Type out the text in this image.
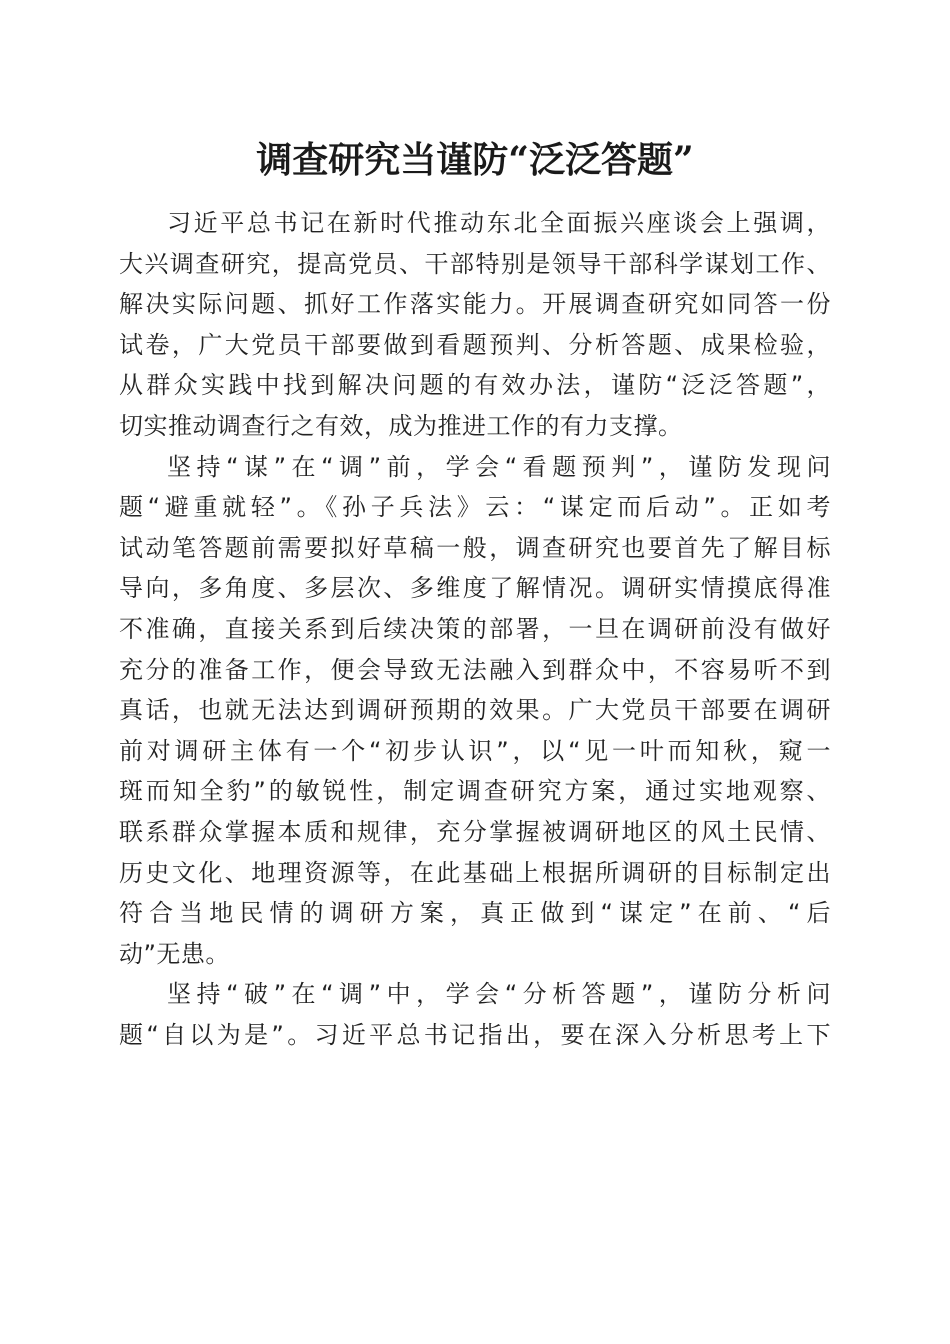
调查研究当谨防“泛泛答题”
习近平总书记在新时代推动东北全面振兴座谈会上强调，
大兴调查研究，提高党员、干部特别是领导干部科学谋划工作、
解决实际问题、抓好工作落实能力。开展调查研究如同答一份
试卷，广大党员干部要做到看题预判、分析答题、成果检验，
从群众实践中找到解决问题的有效办法，谨防“泛泛答题”，
切实推动调查行之有效，成为推进工作的有力支撑。
坚持“谋”在“调”前，学会“看题预判”，谨防发现问
题“避重就轻”。《孙子兵法》云：“谋定而后动”。正如考
试动笔答题前需要拟好草稿一般，调查研究也要首先了解目标
导向，多角度、多层次、多维度了解情况。调研实情摸底得准
不准确，直接关系到后续决策的部署，一旦在调研前没有做好
充分的准备工作，便会导致无法融入到群众中，不容易听不到
真话，也就无法达到调研预期的效果。广大党员干部要在调研
前对调研主体有一个“初步认识”，以“见一叶而知秋，窥一
斑而知全豹”的敏锐性，制定调查研究方案，通过实地观察、
联系群众掌握本质和规律，充分掌握被调研地区的风土民情、
历史文化、地理资源等，在此基础上根据所调研的目标制定出
符合当地民情的调研方案，真正做到“谋定”在前、“后
动”无患。
坚持“破”在“调”中，学会“分析答题”，谨防分析问
题“自以为是”。习近平总书记指出，要在深入分析思考上下
